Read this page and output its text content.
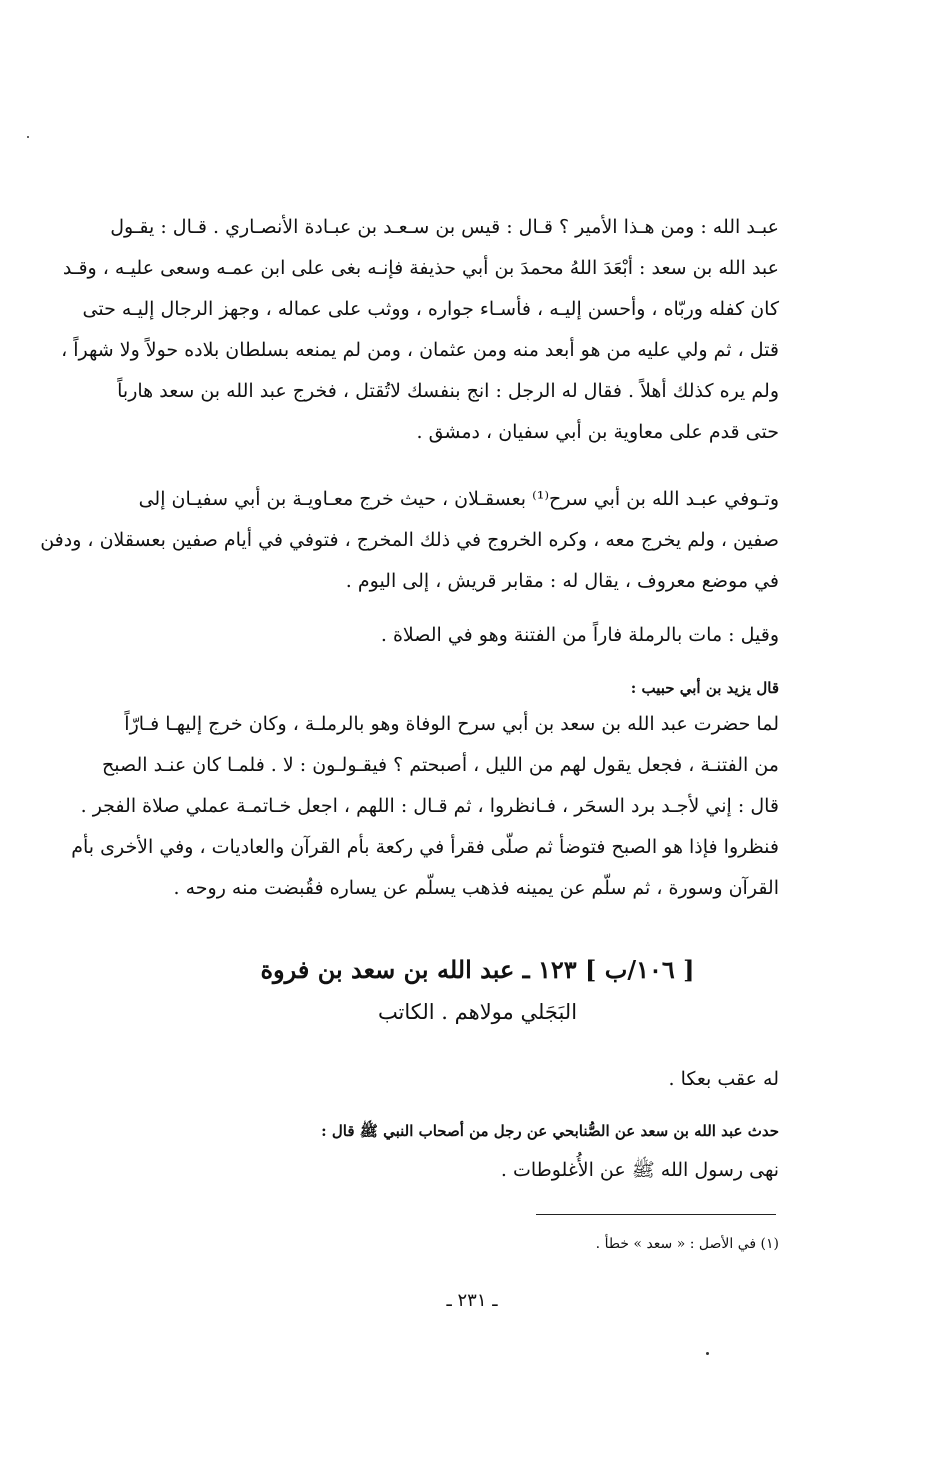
عبـد الله : ومن هـذا الأمير ؟ قـال : قيس بن سـعـد بن عبـادة الأنصـاري . قـال : يقـول
عبد الله بن سعد : أبْعَدَ اللهُ محمدَ بن أبي حذيفة فإنـه بغى على ابن عمـه وسعى عليـه ، وقـد
كان كفله وربّاه ، وأحسن إليـه ، فأسـاء جواره ، ووثب على عماله ، وجهز الرجال إليـه حتى
قتل ، ثم ولي عليه من هو أبعد منه ومن عثمان ، ومن لم يمنعه بسلطان بلاده حولاً ولا شهراً ،
ولم يره كذلك أهلاً . فقال له الرجل : انج بنفسك لاتُقتل ، فخرج عبد الله بن سعد هارباً
حتى قدم على معاوية بن أبي سفيان ، دمشق .
وتـوفي عبـد الله بن أبي سرح⁽¹⁾ بعسقـلان ، حيث خرج معـاويـة بن أبي سفيـان إلى
صفين ، ولم يخرج معه ، وكره الخروج في ذلك المخرج ، فتوفي في أيام صفين بعسقلان ، ودفن
في موضع معروف ، يقال له : مقابر قريش ، إلى اليوم .
وقيل : مات بالرملة فاراً من الفتنة وهو في الصلاة .
قال يزيد بن أبي حبيب :
لما حضرت عبد الله بن سعد بن أبي سرح الوفاة وهو بالرملـة ، وكان خرج إليهـا فـارّاً
من الفتنـة ، فجعل يقول لهم من الليل ، أصبحتم ؟ فيقـولـون : لا . فلمـا كان عنـد الصبح
قال : إني لأجـد برد السحَر ، فـانظروا ، ثم قـال : اللهم ، اجعل خـاتمـة عملي صلاة الفجر .
فنظروا فإذا هو الصبح فتوضأ ثم صلّى فقرأ في ركعة بأم القرآن والعاديات ، وفي الأخرى بأم
القرآن وسورة ، ثم سلّم عن يمينه فذهب يسلّم عن يساره فقُبضت منه روحه .
[ ١٠٦/ب ] ١٢٣ ـ عبد الله بن سعد بن فروة
البَجَلي مولاهم . الكاتب
له عقب بعكا .
حدث عبد الله بن سعد عن الصُّنابحي عن رجل من أصحاب النبي ﷺ قال :
نهى رسول الله ﷺ عن الأُغلوطات .
(١) في الأصل : « سعد » خطأ .
ـ ٢٣١ ـ
